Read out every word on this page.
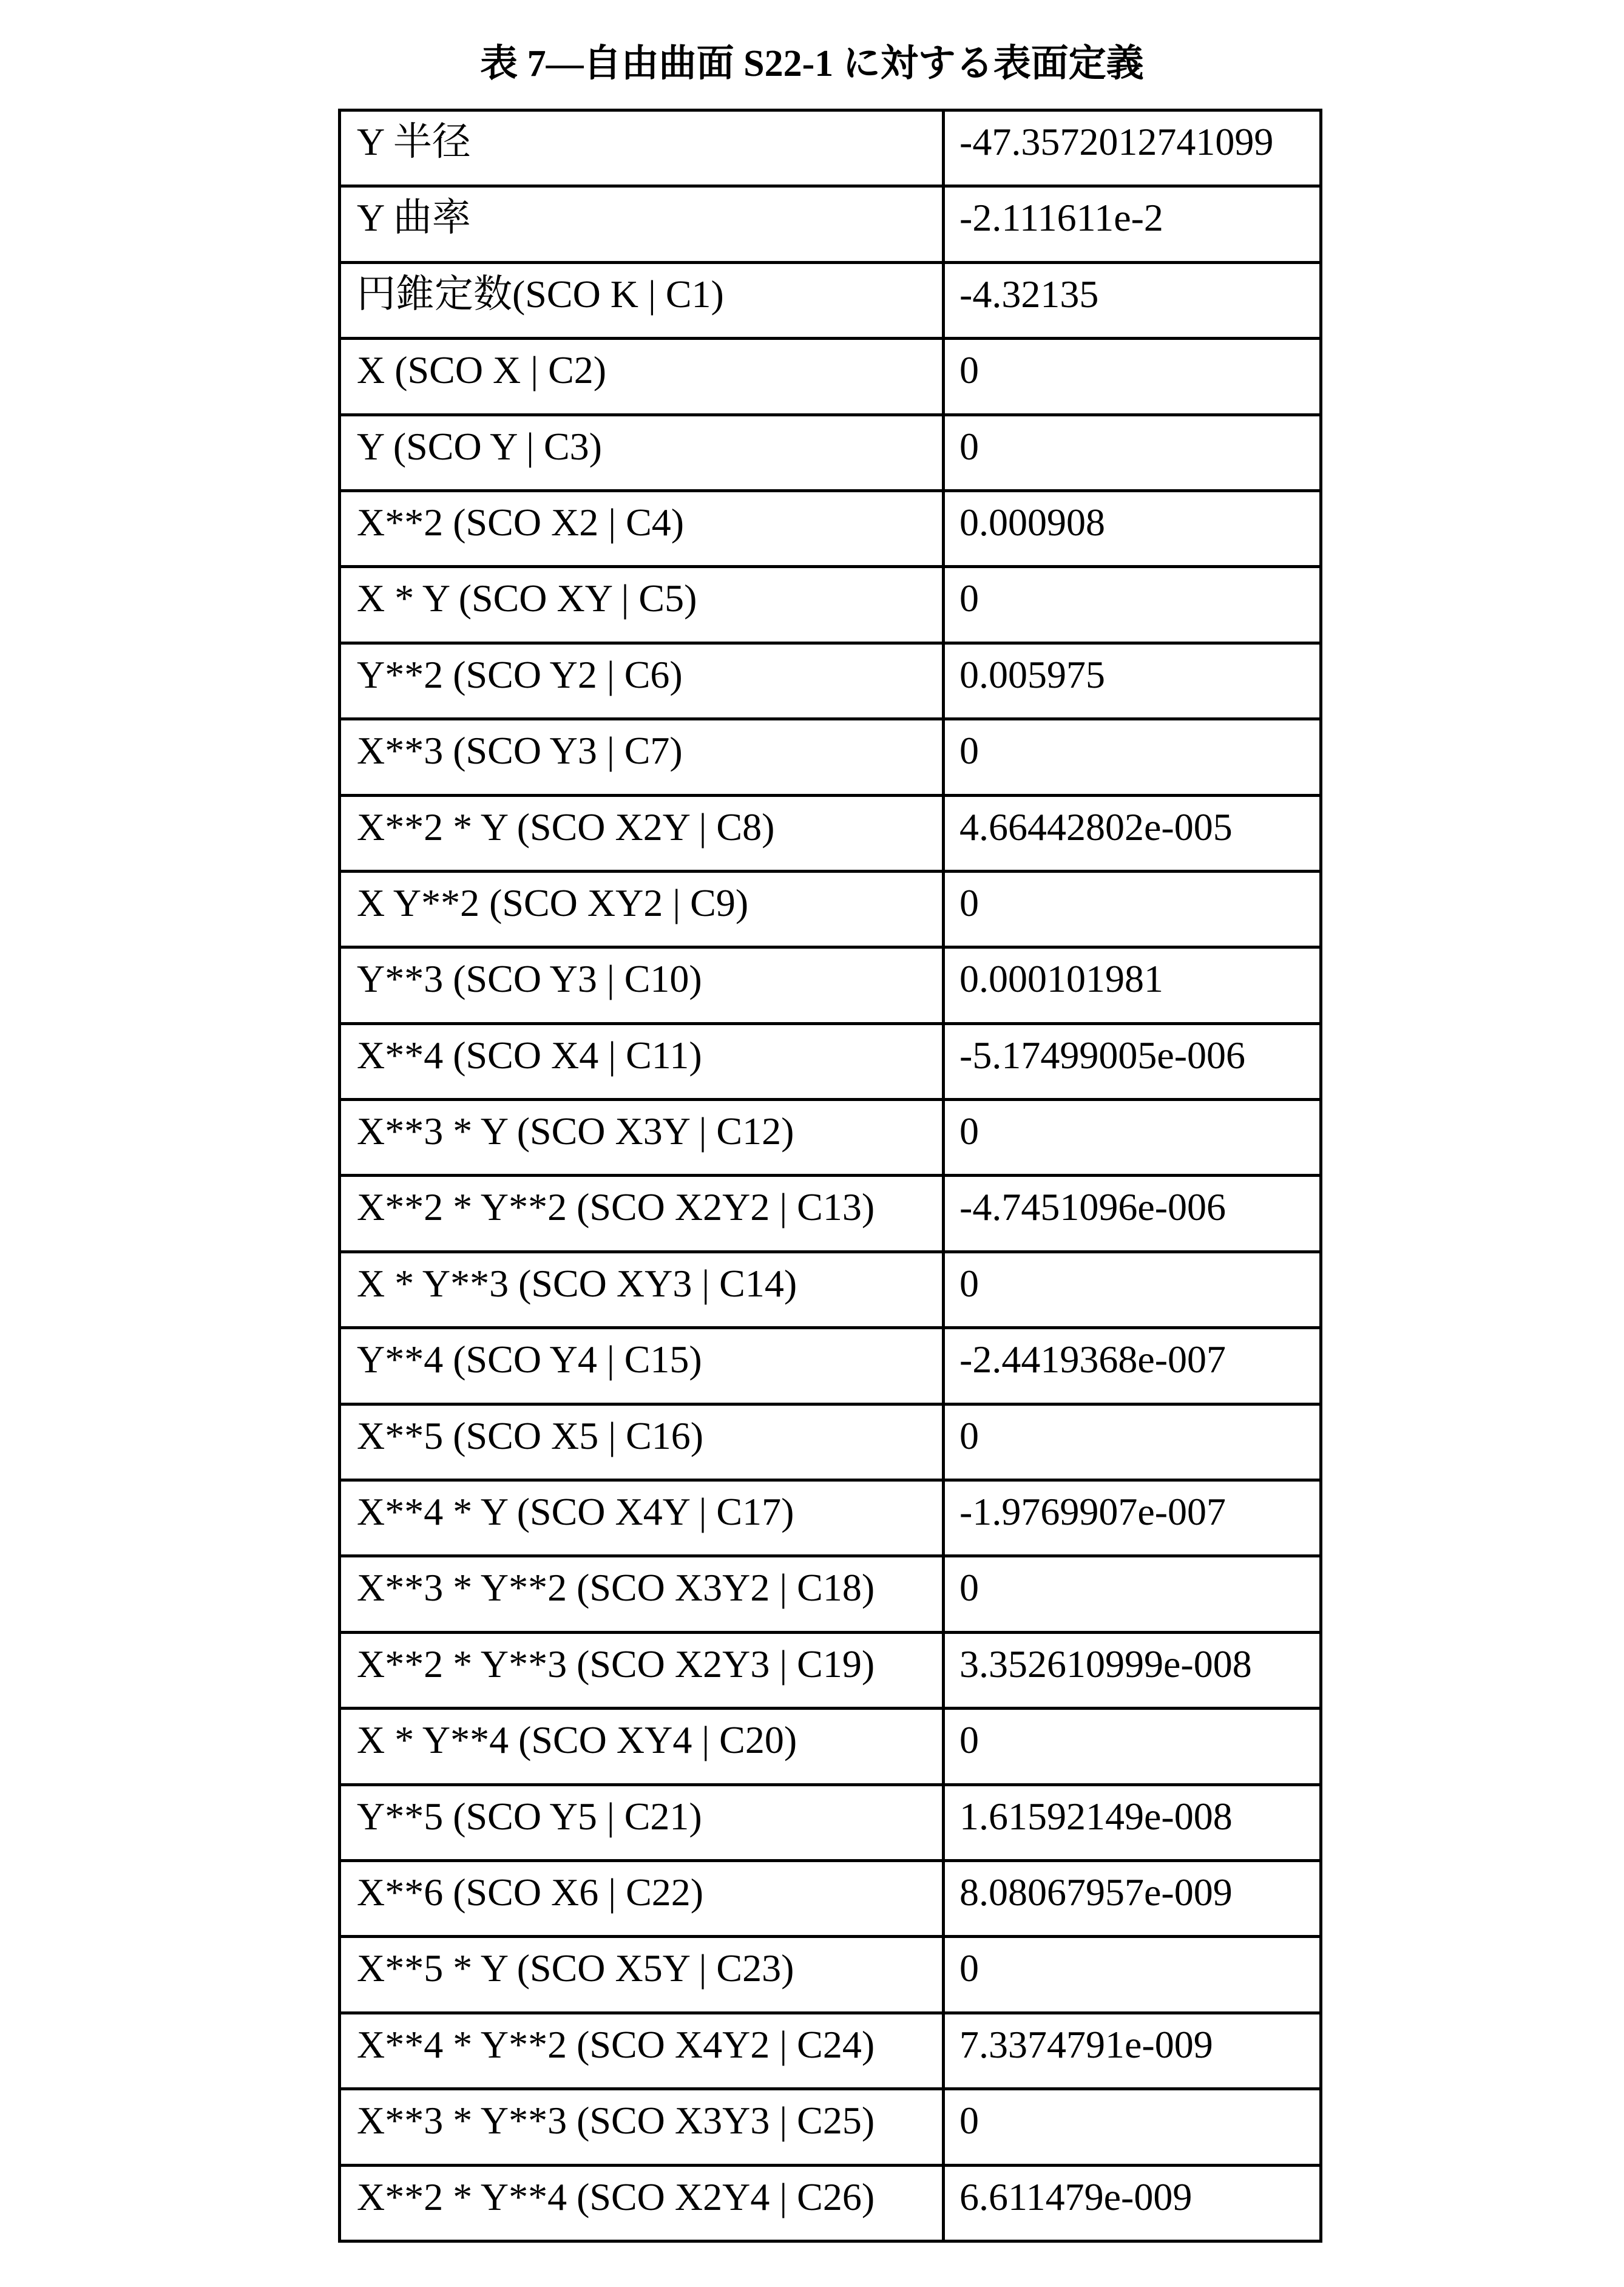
表 7—自由曲面 S22-1 に対する表面定義
Y 半径	-47.3572012741099
Y 曲率	-2.111611e-2
円錐定数(SCO K | C1)	-4.32135
X (SCO X | C2)	0
Y (SCO Y | C3)	0
X**2 (SCO X2 | C4)	0.000908
X * Y (SCO XY | C5)	0
Y**2 (SCO Y2 | C6)	0.005975
X**3 (SCO Y3 | C7)	0
X**2 * Y (SCO X2Y | C8)	4.66442802e-005
X Y**2 (SCO XY2 | C9)	0
Y**3 (SCO Y3 | C10)	0.000101981
X**4 (SCO X4 | C11)	-5.17499005e-006
X**3 * Y (SCO X3Y | C12)	0
X**2 * Y**2 (SCO X2Y2 | C13)	-4.7451096e-006
X * Y**3 (SCO XY3 | C14)	0
Y**4 (SCO Y4 | C15)	-2.4419368e-007
X**5 (SCO X5 | C16)	0
X**4 * Y (SCO X4Y | C17)	-1.9769907e-007
X**3 * Y**2 (SCO X3Y2 | C18)	0
X**2 * Y**3 (SCO X2Y3 | C19)	3.352610999e-008
X * Y**4 (SCO XY4 | C20)	0
Y**5 (SCO Y5 | C21)	1.61592149e-008
X**6 (SCO X6 | C22)	8.08067957e-009
X**5 * Y (SCO X5Y | C23)	0
X**4 * Y**2 (SCO X4Y2 | C24)	7.3374791e-009
X**3 * Y**3 (SCO X3Y3 | C25)	0
X**2 * Y**4 (SCO X2Y4 | C26)	6.611479e-009
